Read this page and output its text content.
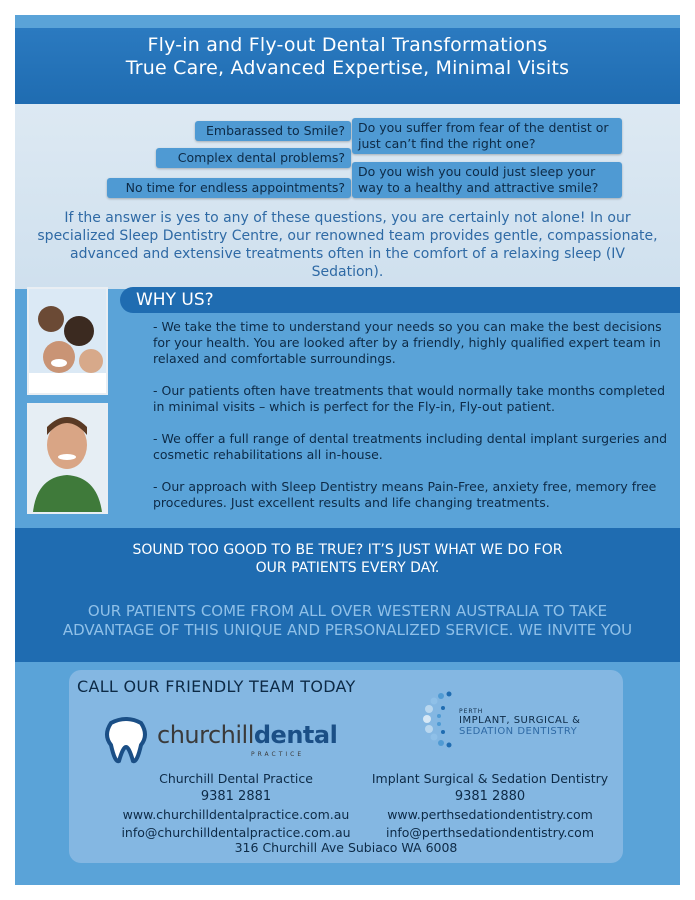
Fly-in and Fly-out Dental Transformations
True Care, Advanced Expertise, Minimal Visits
Embarassed to Smile?
Complex dental problems?
No time for endless appointments?
Do you suffer from fear of the dentist or just can’t find the right one?
Do you wish you could just sleep your way to a healthy and attractive smile?
If the answer is yes to any of these questions, you are certainly not alone! In our specialized Sleep Dentistry Centre, our renowned team provides gentle, compassionate, advanced and extensive treatments often in the comfort of a relaxing sleep (IV Sedation).
WHY US?

- We take the time to understand your needs so you can make the best decisions for your health. You are looked after by a friendly, highly qualified expert team in relaxed and comfortable surroundings.

- Our patients often have treatments that would normally take months completed in minimal visits – which is perfect for the Fly-in, Fly-out patient.

- We offer a full range of dental treatments including dental implant surgeries and cosmetic rehabilitations all in-house.

- Our approach with Sleep Dentistry means Pain-Free, anxiety free, memory free procedures. Just excellent results and life changing treatments.

SOUND TOO GOOD TO BE TRUE? IT’S JUST WHAT WE DO FOR
OUR PATIENTS EVERY DAY.
OUR PATIENTS COME FROM ALL OVER WESTERN AUSTRALIA TO TAKE
ADVANTAGE OF THIS UNIQUE AND PERSONALIZED SERVICE. WE INVITE YOU
CALL OUR FRIENDLY TEAM TODAY
churchilldental
PRACTICE
PERTH
IMPLANT, SURGICAL &
SEDATION DENTISTRY
Churchill Dental Practice
9381 2881
www.churchilldentalpractice.com.au
info@churchilldentalpractice.com.au
Implant Surgical & Sedation Dentistry
9381 2880
www.perthsedationdentistry.com
info@perthsedationdentistry.com
316 Churchill Ave Subiaco WA 6008
